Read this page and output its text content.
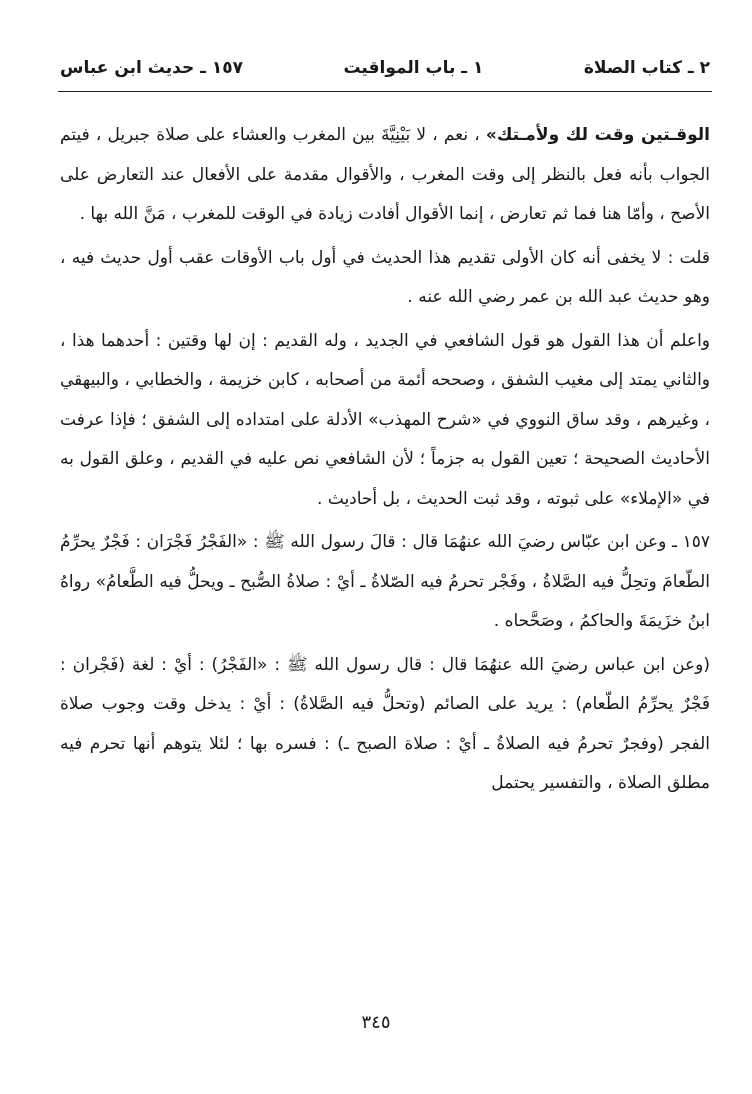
٢ ـ كتاب الصلاة
١ ـ باب المواقيت
١٥٧ ـ حديث ابن عباس

الوقـتين وقت لك ولأمـتك» ، نعم ، لا بَيْنِيَّةَ بين المغرب والعشاء على صلاة جبريل ، فيتم الجواب بأنه فعل بالنظر إلى وقت المغرب ، والأقوال مقدمة على الأفعال عند التعارض على الأصح ، وأمّا هنا فما ثم تعارض ، إنما الأقوال أفادت زيادة في الوقت للمغرب ، مَنَّ الله بها .

قلت : لا يخفى أنه كان الأولى تقديم هذا الحديث في أول باب الأوقات عقب أول حديث فيه ، وهو حديث عبد الله بن عمر رضي الله عنه .

واعلم أن هذا القول هو قول الشافعي في الجديد ، وله القديم : إن لها وقتين : أحدهما هذا ، والثاني يمتد إلى مغيب الشفق ، وصححه أئمة من أصحابه ، كابن خزيمة ، والخطابي ، والبيهقي ، وغيرهم ، وقد ساق النووي في «شرح المهذب» الأدلة على امتداده إلى الشفق ؛ فإذا عرفت الأحاديث الصحيحة ؛ تعين القول به جزماً ؛ لأن الشافعي نص عليه في القديم ، وعلق القول به في «الإملاء» على ثبوته ، وقد ثبت الحديث ، بل أحاديث .

١٥٧ ـ وعن ابن عبّاس رضيَ الله عنهُمَا قال : قالَ رسول الله ﷺ : «الفَجْرُ فَجْرَان : فَجْرٌ يحرِّمُ الطّعامَ وتحِلُّ فيه الصَّلاةُ ، وفَجْر تحرمُ فيه الصّلاةُ ـ أيْ : صلاةُ الصُّبح ـ ويحلُّ فيه الطَّعامُ» رواهُ ابنُ خزَيمَةَ والحاكمُ ، وصَحَّحاه .

(وعن ابن عباس رضيَ الله عنهُمَا قال : قال رسول الله ﷺ : «الفَجْرُ) : أيْ : لغة (فَجْران : فَجْرٌ يحرِّمُ الطّعام) : يريد على الصائم (وتحلُّ فيه الصَّلاةُ) : أيْ : يدخل وقت وجوب صلاة الفجر (وفجرٌ تحرمُ فيه الصلاةُ ـ أيْ : صلاة الصبح ـ) : فسره بها ؛ لئلا يتوهم أنها تحرم فيه مطلق الصلاة ، والتفسير يحتمل

٣٤٥
